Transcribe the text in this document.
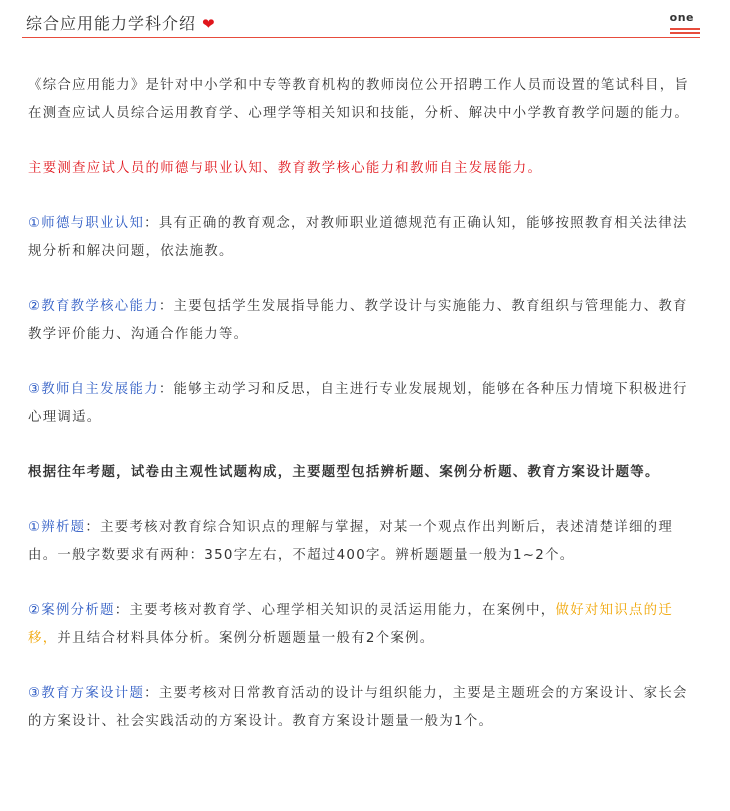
综合应用能力学科介绍 ❤	one

《综合应用能力》是针对中小学和中专等教育机构的教师岗位公开招聘工作人员而设置的笔试科目，旨在测查应试人员综合运用教育学、心理学等相关知识和技能，分析、解决中小学教育教学问题的能力。

主要测查应试人员的师德与职业认知、教育教学核心能力和教师自主发展能力。

①师德与职业认知：具有正确的教育观念，对教师职业道德规范有正确认知，能够按照教育相关法律法规分析和解决问题，依法施教。

②教育教学核心能力：主要包括学生发展指导能力、教学设计与实施能力、教育组织与管理能力、教育教学评价能力、沟通合作能力等。

③教师自主发展能力：能够主动学习和反思，自主进行专业发展规划，能够在各种压力情境下积极进行心理调适。

根据往年考题，试卷由主观性试题构成，主要题型包括辨析题、案例分析题、教育方案设计题等。

①辨析题：主要考核对教育综合知识点的理解与掌握，对某一个观点作出判断后，表述清楚详细的理由。一般字数要求有两种：350字左右，不超过400字。辨析题题量一般为1~2个。

②案例分析题：主要考核对教育学、心理学相关知识的灵活运用能力，在案例中，做好对知识点的迁移，并且结合材料具体分析。案例分析题题量一般有2个案例。

③教育方案设计题：主要考核对日常教育活动的设计与组织能力，主要是主题班会的方案设计、家长会的方案设计、社会实践活动的方案设计。教育方案设计题量一般为1个。
